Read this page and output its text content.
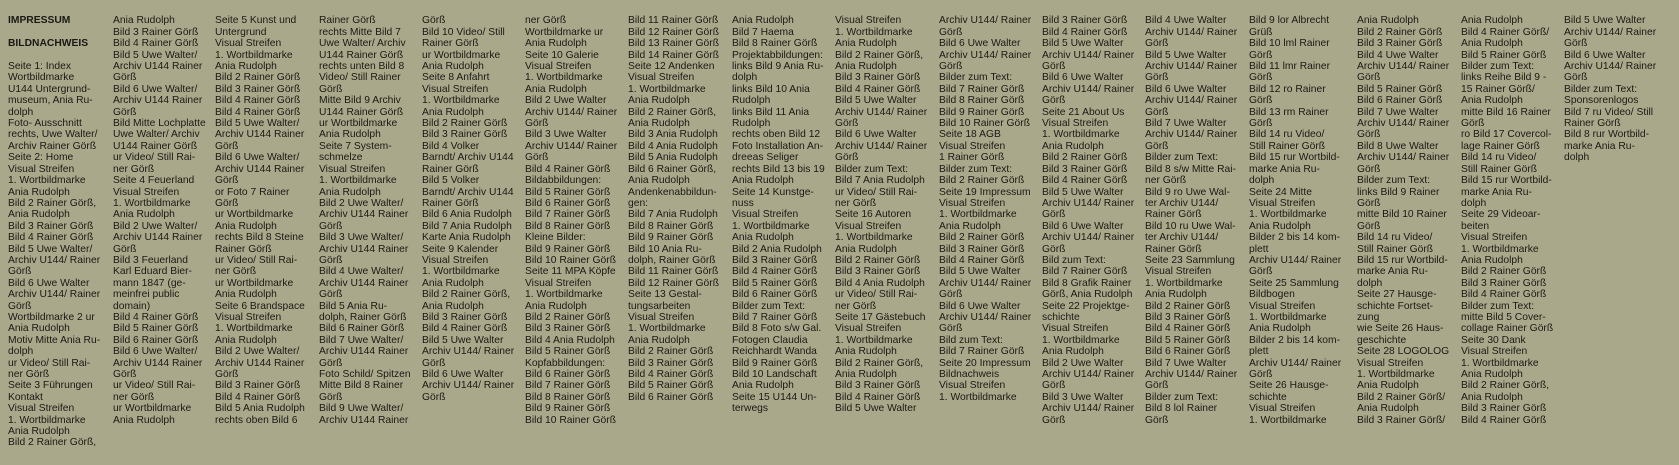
IMPRESSUM

BILDNACHWEIS

Seite 1: Index
Wortbildmarke
U144 Untergrund-
museum, Ania Ru-
dolph
Foto- Ausschnitt
rechts, Uwe Walter/
Archiv Rainer Görß
Seite 2: Home
Visual Streifen
1. Wortbildmarke
Ania Rudolph
Bild 2 Rainer Görß,
Ania Rudolph
Bild 3 Rainer Görß
Bild 4 Rainer Görß
Bild 5 Uwe Walter/
Archiv U144/ Rainer
Görß
Bild 6 Uwe Walter
Archiv U144/ Rainer
Görß
Wortbildmarke 2 ur
Ania Rudolph
Motiv Mitte Ania Ru-
dolph
ur Video/ Still Rai-
ner Görß
Seite 3 Führungen
Kontakt
Visual Streifen
1. Wortbildmarke
Ania Rudolph
Bild 2 Rainer Görß,

Ania Rudolph
Bild 3 Rainer Görß
Bild 4 Rainer Görß
Bild 5 Uwe Walter/
Archiv U144 Rainer
Görß
Bild 6 Uwe Walter/
Archiv U144 Rainer
Görß
Bild Mitte Lochplatte
Uwe Walter/ Archiv
U144 Rainer Görß
ur Video/ Still Rai-
ner Görß
Seite 4 Feuerland
Visual Streifen
1. Wortbildmarke
Ania Rudolph
Bild 2 Uwe Walter/
Archiv U144 Rainer
Görß
Bild 3 Feuerland
Karl Eduard Bier-
mann 1847 (ge-
meinfrei public
domain)
Bild 4 Rainer Görß
Bild 5 Rainer Görß
Bild 6 Rainer Görß
Bild 6 Uwe Walter/
Archiv U144 Rainer
Görß
ur Video/ Still Rai-
ner Görß
ur Wortbildmarke
Ania Rudolph

Seite 5 Kunst und
Untergrund
Visual Streifen
1. Wortbildmarke
Ania Rudolph
Bild 2 Rainer Görß
Bild 3 Rainer Görß
Bild 4 Rainer Görß
Bild 4 Rainer Görß
Bild 5 Uwe Walter/
Archiv U144 Rainer
Görß
Bild 6 Uwe Walter/
Archiv U144 Rainer
Görß
or Foto 7 Rainer
Görß
ur Wortbildmarke
Ania Rudolph
rechts Bild 8 Steine
Rainer Görß
ur Video/ Still Rai-
ner Görß
ur Wortbildmarke
Ania Rudolph
Seite 6 Brandspace
Visual Streifen
1. Wortbildmarke
Ania Rudolph
Bild 2 Uwe Walter/
Archiv U144 Rainer
Görß
Bild 3 Rainer Görß
Bild 4 Rainer Görß
Bild 5 Ania Rudolph
rechts oben Bild 6

Rainer Görß
rechts Mitte Bild 7
Uwe Walter/ Archiv
U144 Rainer Görß
rechts unten Bild 8
Video/ Still Rainer
Görß
Mitte Bild 9 Archiv
U144 Rainer Görß
ur Wortbildmarke
Ania Rudolph
Seite 7 System-
schmelze
Visual Streifen
1. Wortbildmarke
Ania Rudolph
Bild 2 Uwe Walter/
Archiv U144 Rainer
Görß
Bild 3 Uwe Walter/
Archiv U144 Rainer
Görß
Bild 4 Uwe Walter/
Archiv U144 Rainer
Görß
Bild 5 Ania Ru-
dolph, Rainer Görß
Bild 6 Rainer Görß
Bild 7 Uwe Walter/
Archiv U144 Rainer
Görß
Foto Schild/ Spitzen
Mitte Bild 8 Rainer
Görß
Bild 9 Uwe Walter/
Archiv U144 Rainer

Görß
Bild 10 Video/ Still
Rainer Görß
ur Wortbildmarke
Ania Rudolph
Seite 8 Anfahrt
Visual Streifen
1. Wortbildmarke
Ania Rudolph
Bild 2 Rainer Görß
Bild 3 Rainer Görß
Bild 4 Volker
Barndt/ Archiv U144
Rainer Görß
Bild 5 Volker
Barndt/ Archiv U144
Rainer Görß
Bild 6 Ania Rudolph
Bild 7 Ania Rudolph
Karte Ania Rudolph
Seite 9 Kalender
Visual Streifen
1. Wortbildmarke
Ania Rudolph
Bild 2 Rainer Görß,
Ania Rudolph
Bild 3 Rainer Görß
Bild 4 Rainer Görß
Bild 5 Uwe Walter
Archiv U144/ Rainer
Görß
Bild 6 Uwe Walter
Archiv U144/ Rainer
Görß

ner Görß
Wortbildmarke ur
Ania Rudolph
Seite 10 Galerie
Visual Streifen
1. Wortbildmarke
Ania Rudolph
Bild 2 Uwe Walter
Archiv U144/ Rainer
Görß
Bild 3 Uwe Walter
Archiv U144/ Rainer
Görß
Bild 4 Rainer Görß
Bildabbildungen:
Bild 5 Rainer Görß
Bild 6 Rainer Görß
Bild 7 Rainer Görß
Bild 8 Rainer Görß
Kleine Bilder:
Bild 9 Rainer Görß
Bild 10 Rainer Görß
Seite 11 MPA Köpfe
Visual Streifen
1. Wortbildmarke
Ania Rudolph
Bild 2 Rainer Görß
Bild 3 Rainer Görß
Bild 4 Ania Rudolph
Bild 5 Rainer Görß
Kopfabbildungen:
Bild 6 Rainer Görß
Bild 7 Rainer Görß
Bild 8 Rainer Görß
Bild 9 Rainer Görß
Bild 10 Rainer Görß

Bild 11 Rainer Görß
Bild 12 Rainer Görß
Bild 13 Rainer Görß
Bild 14 Rainer Görß
Seite 12 Andenken
Visual Streifen
1. Wortbildmarke
Ania Rudolph
Bild 2 Rainer Görß,
Ania Rudolph
Bild 3 Ania Rudolph
Bild 4 Ania Rudolph
Bild 5 Ania Rudolph
Bild 6 Rainer Görß,
Ania Rudolph
Andenkenabbildun-
gen:
Bild 7 Ania Rudolph
Bild 8 Rainer Görß
Bild 9 Rainer Görß
Bild 10 Ania Ru-
dolph, Rainer Görß
Bild 11 Rainer Görß
Bild 12 Rainer Görß
Seite 13 Gestal-
tungsarbeiten
Visual Streifen
1. Wortbildmarke
Ania Rudolph
Bild 2 Rainer Görß
Bild 3 Rainer Görß
Bild 4 Rainer Görß
Bild 5 Rainer Görß
Bild 6 Rainer Görß

Ania Rudolph
Bild 7 Haema
Bild 8 Rainer Görß
Projektabbildungen:
links Bild 9 Ania Ru-
dolph
links Bild 10 Ania
Rudolph
links Bild 11 Ania
Rudolph
rechts oben Bild 12
Foto Installation An-
dreeas Seliger
rechts Bild 13 bis 19
Ania Rudolph
Seite 14 Kunstge-
nuss
Visual Streifen
1. Wortbildmarke
Ania Rudolph
Bild 2 Ania Rudolph
Bild 3 Rainer Görß
Bild 4 Rainer Görß
Bild 5 Rainer Görß
Bild 6 Rainer Görß
Bilder zum Text:
Bild 7 Rainer Görß
Bild 8 Foto s/w Gal.
Fotogen Claudia
Reichhardt Wanda
Bild 9 Rainer Görß
Bild 10 Landschaft
Ania Rudolph
Seite 15 U144 Un-
terwegs

Visual Streifen
1. Wortbildmarke
Ania Rudolph
Bild 2 Rainer Görß,
Ania Rudolph
Bild 3 Rainer Görß
Bild 4 Rainer Görß
Bild 5 Uwe Walter
Archiv U144/ Rainer
Görß
Bild 6 Uwe Walter
Archiv U144/ Rainer
Görß
Bilder zum Text:
Bild 7 Ania Rudolph
ur Video/ Still Rai-
ner Görß
Seite 16 Autoren
Visual Streifen
1. Wortbildmarke
Ania Rudolph
Bild 2 Rainer Görß
Bild 3 Rainer Görß
Bild 4 Ania Rudolph
ur Video/ Still Rai-
ner Görß
Seite 17 Gästebuch
Visual Streifen
1. Wortbildmarke
Ania Rudolph
Bild 2 Rainer Görß,
Ania Rudolph
Bild 3 Rainer Görß
Bild 4 Rainer Görß
Bild 5 Uwe Walter

Archiv U144/ Rainer
Görß
Bild 6 Uwe Walter
Archiv U144/ Rainer
Görß
Bilder zum Text:
Bild 7 Rainer Görß
Bild 8 Rainer Görß
Bild 9 Rainer Görß
Bild 10 Rainer Görß
Seite 18 AGB
Visual Streifen
1 Rainer Görß
Bilder zum Text:
Bild 2 Rainer Görß
Seite 19 Impressum
Visual Streifen
1. Wortbildmarke
Ania Rudolph
Bild 2 Rainer Görß
Bild 3 Rainer Görß
Bild 4 Rainer Görß
Bild 5 Uwe Walter
Archiv U144/ Rainer
Görß
Bild 6 Uwe Walter
Archiv U144/ Rainer
Görß
Bild zum Text:
Bild 7 Rainer Görß
Seite 20 Impressum
Bildnachweis
Visual Streifen
1. Wortbildmarke

Bild 3 Rainer Görß
Bild 4 Rainer Görß
Bild 5 Uwe Walter
Archiv U144/ Rainer
Görß
Bild 6 Uwe Walter
Archiv U144/ Rainer
Görß
Seite 21 About Us
Visual Streifen
1. Wortbildmarke
Ania Rudolph
Bild 2 Rainer Görß
Bild 3 Rainer Görß
Bild 4 Rainer Görß
Bild 5 Uwe Walter
Archiv U144/ Rainer
Görß
Bild 6 Uwe Walter
Archiv U144/ Rainer
Görß
Bild zum Text:
Bild 7 Rainer Görß
Bild 8 Grafik Rainer
Görß, Ania Rudolph
Seite 22 Projektge-
schichte
Visual Streifen
1. Wortbildmarke
Ania Rudolph
Bild 2 Uwe Walter
Archiv U144/ Rainer
Görß
Bild 3 Uwe Walter
Archiv U144/ Rainer
Görß

Bild 4 Uwe Walter
Archiv U144/ Rainer
Görß
Bild 5 Uwe Walter
Archiv U144/ Rainer
Görß
Bild 6 Uwe Walter
Archiv U144/ Rainer
Görß
Bild 7 Uwe Walter
Archiv U144/ Rainer
Görß
Bilder zum Text:
Bild 8 s/w Mitte Rai-
ner Görß
Bild 9 ro Uwe Wal-
ter Archiv U144/
Rainer Görß
Bild 10 ru Uwe Wal-
ter Archiv U144/
Rainer Görß
Seite 23 Sammlung
Visual Streifen
1. Wortbildmarke
Ania Rudolph
Bild 2 Rainer Görß
Bild 3 Rainer Görß
Bild 4 Rainer Görß
Bild 5 Rainer Görß
Bild 6 Rainer Görß
Bild 7 Uwe Walter
Archiv U144/ Rainer
Görß
Bilder zum Text:
Bild 8 lol Rainer
Görß

Bild 9 lor Albrecht
Grüß
Bild 10 lml Rainer
Görß
Bild 11 lmr Rainer
Görß
Bild 12 ro Rainer
Görß
Bild 13 rm Rainer
Görß
Bild 14 ru Video/
Still Rainer Görß
Bild 15 rur Wortbild-
marke Ania Ru-
dolph
Seite 24 Mitte
Visual Streifen
1. Wortbildmarke
Ania Rudolph
Bilder 2 bis 14 kom-
plett
Archiv U144/ Rainer
Görß
Seite 25 Sammlung
Bildbogen
Visual Streifen
1. Wortbildmarke
Ania Rudolph
Bilder 2 bis 14 kom-
plett
Archiv U144/ Rainer
Görß
Seite 26 Hausge-
schichte
Visual Streifen
1. Wortbildmarke

Ania Rudolph
Bild 2 Rainer Görß
Bild 3 Rainer Görß
Bild 4 Uwe Walter
Archiv U144/ Rainer
Görß
Bild 5 Rainer Görß
Bild 6 Rainer Görß
Bild 7 Uwe Walter
Archiv U144/ Rainer
Görß
Bild 8 Uwe Walter
Archiv U144/ Rainer
Görß
Bilder zum Text:
links Bild 9 Rainer
Görß
mitte Bild 10 Rainer
Görß
Bild 14 ru Video/
Still Rainer Görß
Bild 15 rur Wortbild-
marke Ania Ru-
dolph
Seite 27 Hausge-
schichte Fortset-
zung
wie Seite 26 Haus-
geschichte
Seite 28 LOGOLOG
Visual Streifen
1. Wortbildmarke
Ania Rudolph
Bild 2 Rainer Görß/
Ania Rudolph
Bild 3 Rainer Görß/

Ania Rudolph
Bild 4 Rainer Görß/
Ania Rudolph
Bild 5 Rainer Görß
Bilder zum Text:
links Reihe Bild 9 -
15 Rainer Görß/
Ania Rudolph
mitte Bild 16 Rainer
Görß
ro Bild 17 Covercol-
lage Rainer Görß
Bild 14 ru Video/
Still Rainer Görß
Bild 15 rur Wortbild-
marke Ania Ru-
dolph
Seite 29 Videoar-
beiten
Visual Streifen
1. Wortbildmarke
Ania Rudolph
Bild 2 Rainer Görß
Bild 3 Rainer Görß
Bild 4 Rainer Görß
Bilder zum Text:
mitte Bild 5 Cover-
collage Rainer Görß
Seite 30 Dank
Visual Streifen
1. Wortbildmarke
Ania Rudolph
Bild 2 Rainer Görß,
Ania Rudolph
Bild 3 Rainer Görß
Bild 4 Rainer Görß

Bild 5 Uwe Walter
Archiv U144/ Rainer
Görß
Bild 6 Uwe Walter
Archiv U144/ Rainer
Görß
Bilder zum Text:
Sponsorenlogos
Bild 7 ru Video/ Still
Rainer Görß
Bild 8 rur Wortbild-
marke Ania Ru-
dolph
